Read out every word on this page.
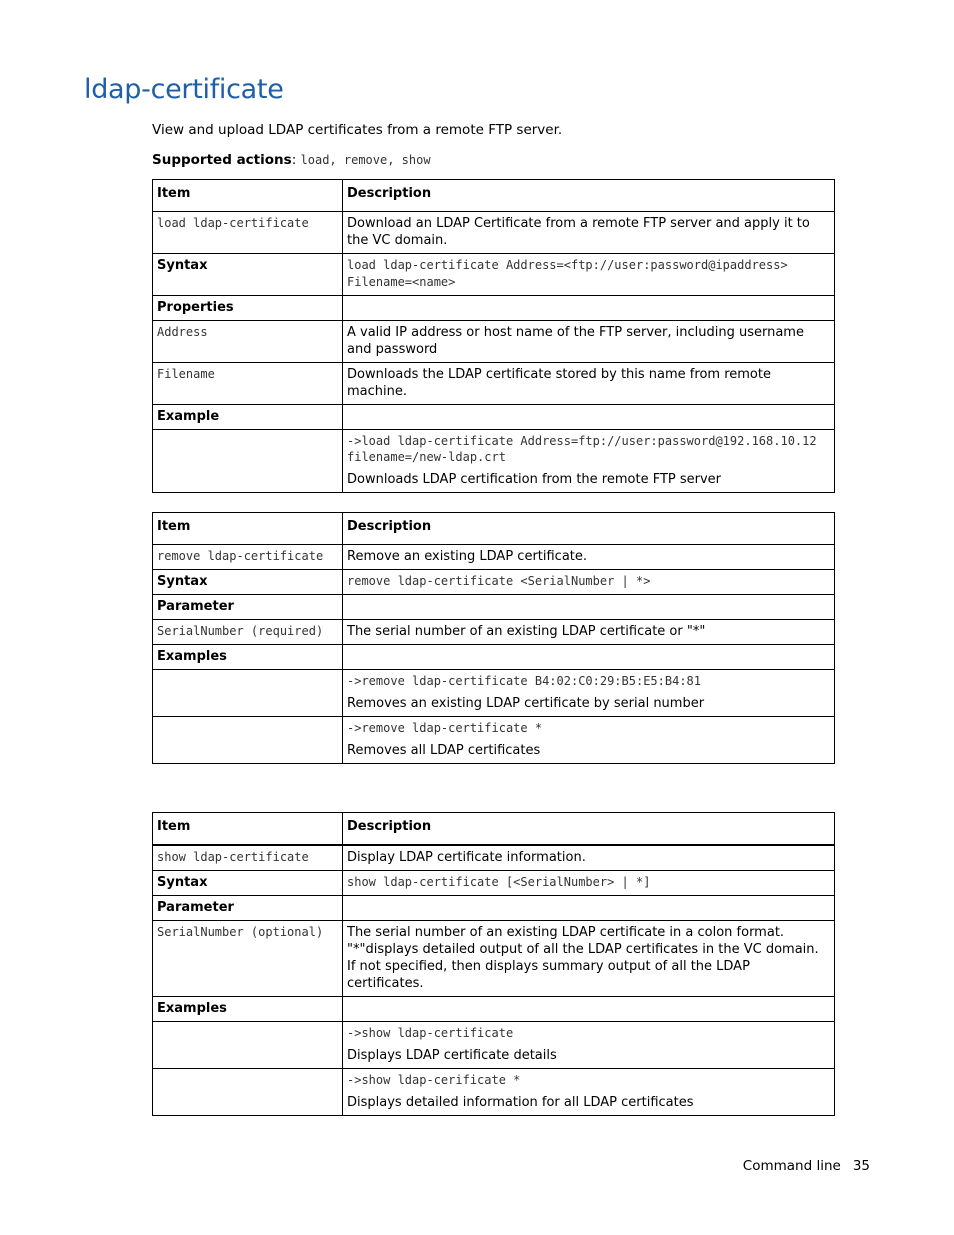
ldap-certificate
View and upload LDAP certificates from a remote FTP server.
Supported actions: load, remove, show
Item	Description
load ldap-certificate	Download an LDAP Certificate from a remote FTP server and apply it to the VC domain.
Syntax	load ldap-certificate Address=<ftp://user:password@ipaddress> Filename=<name>
Properties	
Address	A valid IP address or host name of the FTP server, including username and password
Filename	Downloads the LDAP certificate stored by this name from remote machine.
Example	

	->load ldap-certificate Address=ftp://user:password@192.168.10.12 filename=/new-ldap.crt
Downloads LDAP certification from the remote FTP server
Item	Description
remove ldap-certificate	Remove an existing LDAP certificate.
Syntax	remove ldap-certificate <SerialNumber | *>
Parameter	
SerialNumber (required)	The serial number of an existing LDAP certificate or "*"
Examples	

	->remove ldap-certificate B4:02:C0:29:B5:E5:B4:81
Removes an existing LDAP certificate by serial number

	->remove ldap-certificate *
Removes all LDAP certificates
Item	Description
show ldap-certificate	Display LDAP certificate information.
Syntax	show ldap-certificate [<SerialNumber> | *]
Parameter	
SerialNumber (optional)	The serial number of an existing LDAP certificate in a colon format. "*"displays detailed output of all the LDAP certificates in the VC domain. If not specified, then displays summary output of all the LDAP certificates.
Examples	

	->show ldap-certificate
Displays LDAP certificate details

	->show ldap-cerificate *
Displays detailed information for all LDAP certificates
Command line 35
